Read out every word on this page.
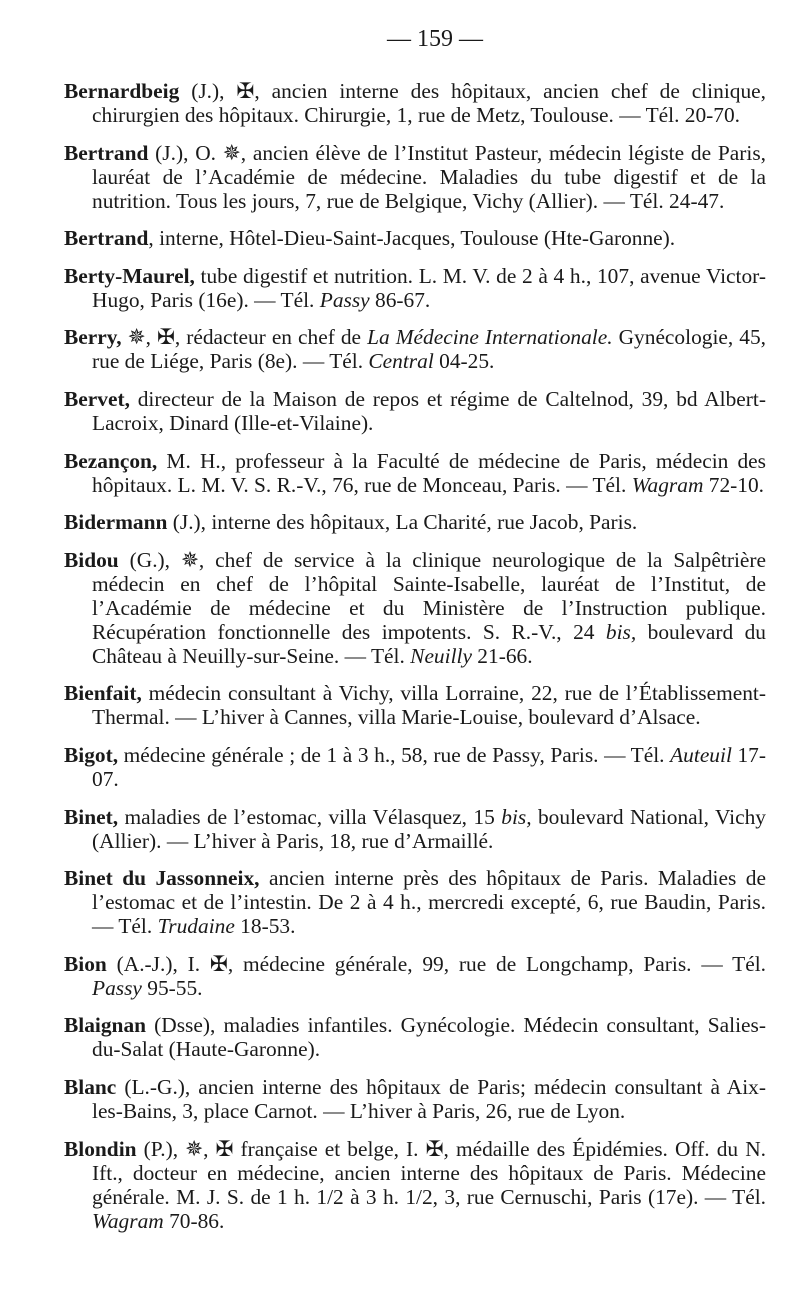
— 159 —

Bernardbeig (J.), ✠, ancien interne des hôpitaux, ancien chef de clinique, chirurgien des hôpitaux. Chirurgie, 1, rue de Metz, Toulouse. — Tél. 20-70.

Bertrand (J.), O. ✵, ancien élève de l’Institut Pasteur, médecin légiste de Paris, lauréat de l’Académie de médecine. Maladies du tube digestif et de la nutrition. Tous les jours, 7, rue de Belgique, Vichy (Allier). — Tél. 24-47.

Bertrand, interne, Hôtel-Dieu-Saint-Jacques, Toulouse (Hte-Garonne).

Berty-Maurel, tube digestif et nutrition. L. M. V. de 2 à 4 h., 107, avenue Victor-Hugo, Paris (16e). — Tél. Passy 86-67.

Berry, ✵, ✠, rédacteur en chef de La Médecine Internationale. Gynécologie, 45, rue de Liége, Paris (8e). — Tél. Central 04-25.

Bervet, directeur de la Maison de repos et régime de Caltelnod, 39, bd Albert-Lacroix, Dinard (Ille-et-Vilaine).

Bezançon, M. H., professeur à la Faculté de médecine de Paris, médecin des hôpitaux. L. M. V. S. R.-V., 76, rue de Monceau, Paris. — Tél. Wagram 72-10.

Bidermann (J.), interne des hôpitaux, La Charité, rue Jacob, Paris.

Bidou (G.), ✵, chef de service à la clinique neurologique de la Salpêtrière médecin en chef de l’hôpital Sainte-Isabelle, lauréat de l’Institut, de l’Académie de médecine et du Ministère de l’Instruction publique. Récupération fonctionnelle des impotents. S. R.-V., 24 bis, boulevard du Château à Neuilly-sur-Seine. — Tél. Neuilly 21-66.

Bienfait, médecin consultant à Vichy, villa Lorraine, 22, rue de l’Établissement-Thermal. — L’hiver à Cannes, villa Marie-Louise, boulevard d’Alsace.

Bigot, médecine générale ; de 1 à 3 h., 58, rue de Passy, Paris. — Tél. Auteuil 17-07.

Binet, maladies de l’estomac, villa Vélasquez, 15 bis, boulevard National, Vichy (Allier). — L’hiver à Paris, 18, rue d’Armaillé.

Binet du Jassonneix, ancien interne près des hôpitaux de Paris. Maladies de l’estomac et de l’intestin. De 2 à 4 h., mercredi excepté, 6, rue Baudin, Paris. — Tél. Trudaine 18-53.

Bion (A.-J.), I. ✠, médecine générale, 99, rue de Longchamp, Paris. — Tél. Passy 95-55.

Blaignan (Dsse), maladies infantiles. Gynécologie. Médecin consultant, Salies-du-Salat (Haute-Garonne).

Blanc (L.-G.), ancien interne des hôpitaux de Paris; médecin consultant à Aix-les-Bains, 3, place Carnot. — L’hiver à Paris, 26, rue de Lyon.

Blondin (P.), ✵, ✠ française et belge, I. ✠, médaille des Épidémies. Off. du N. Ift., docteur en médecine, ancien interne des hôpitaux de Paris. Médecine générale. M. J. S. de 1 h. 1/2 à 3 h. 1/2, 3, rue Cernuschi, Paris (17e). — Tél. Wagram 70-86.
